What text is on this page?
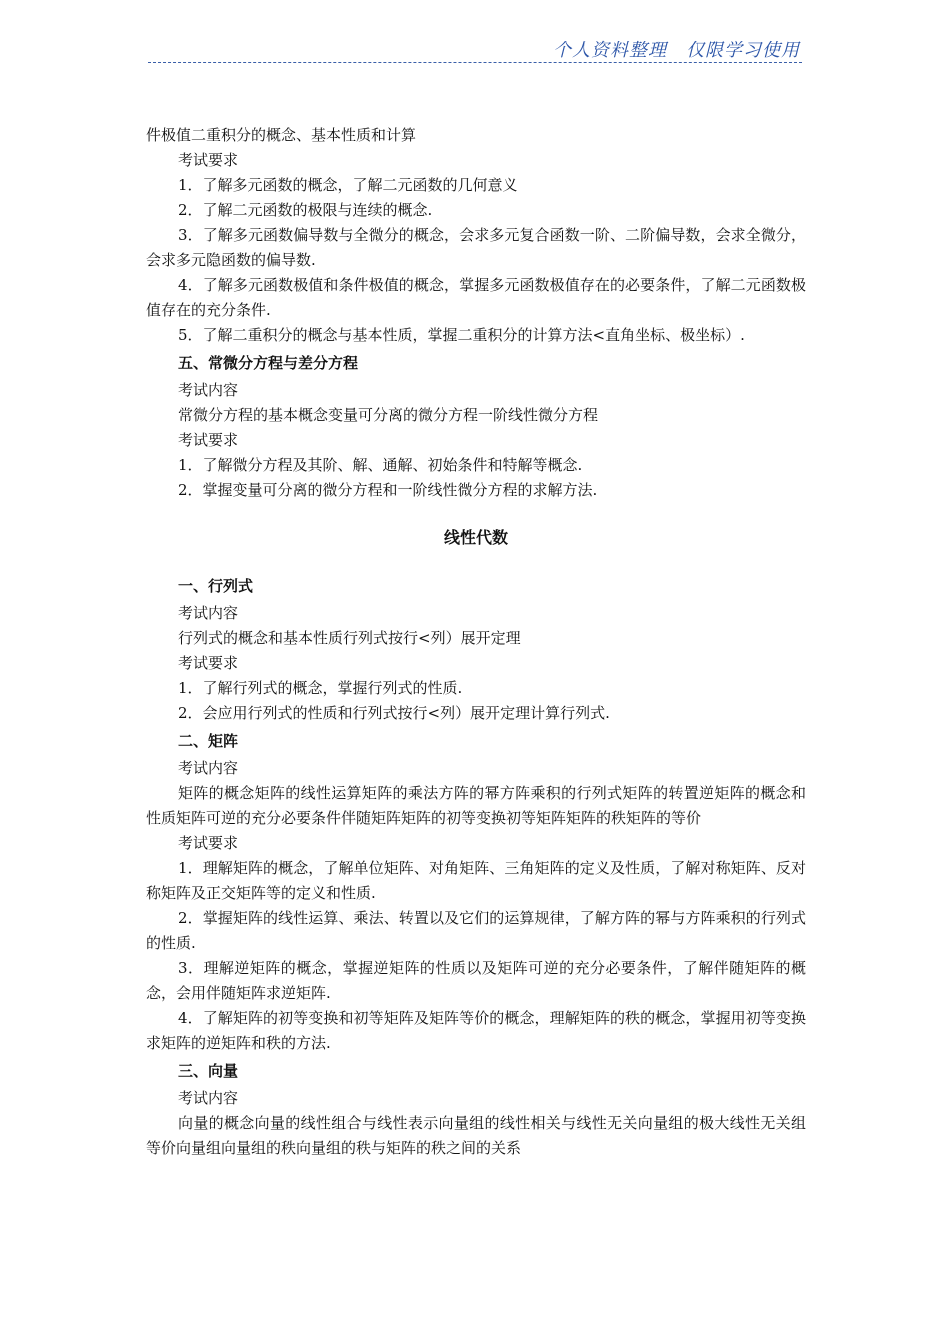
个人资料整理　仅限学习使用

件极值二重积分的概念、基本性质和计算

考试要求

1．了解多元函数的概念，了解二元函数的几何意义

2．了解二元函数的极限与连续的概念.

3．了解多元函数偏导数与全微分的概念，会求多元复合函数一阶、二阶偏导数，会求全微分，会求多元隐函数的偏导数.

4．了解多元函数极值和条件极值的概念，掌握多元函数极值存在的必要条件，了解二元函数极值存在的充分条件.

5．了解二重积分的概念与基本性质，掌握二重积分的计算方法<直角坐标、极坐标）.

五、常微分方程与差分方程

考试内容

常微分方程的基本概念变量可分离的微分方程一阶线性微分方程

考试要求

1．了解微分方程及其阶、解、通解、初始条件和特解等概念.

2．掌握变量可分离的微分方程和一阶线性微分方程的求解方法.

线性代数

一、行列式

考试内容

行列式的概念和基本性质行列式按行<列）展开定理

考试要求

1．了解行列式的概念，掌握行列式的性质.

2．会应用行列式的性质和行列式按行<列）展开定理计算行列式.

二、矩阵

考试内容

矩阵的概念矩阵的线性运算矩阵的乘法方阵的幂方阵乘积的行列式矩阵的转置逆矩阵的概念和性质矩阵可逆的充分必要条件伴随矩阵矩阵的初等变换初等矩阵矩阵的秩矩阵的等价

考试要求

1．理解矩阵的概念，了解单位矩阵、对角矩阵、三角矩阵的定义及性质，了解对称矩阵、反对称矩阵及正交矩阵等的定义和性质.

2．掌握矩阵的线性运算、乘法、转置以及它们的运算规律，了解方阵的幂与方阵乘积的行列式的性质.

3．理解逆矩阵的概念，掌握逆矩阵的性质以及矩阵可逆的充分必要条件，了解伴随矩阵的概念，会用伴随矩阵求逆矩阵.

4．了解矩阵的初等变换和初等矩阵及矩阵等价的概念，理解矩阵的秩的概念，掌握用初等变换求矩阵的逆矩阵和秩的方法.

三、向量

考试内容

向量的概念向量的线性组合与线性表示向量组的线性相关与线性无关向量组的极大线性无关组等价向量组向量组的秩向量组的秩与矩阵的秩之间的关系
